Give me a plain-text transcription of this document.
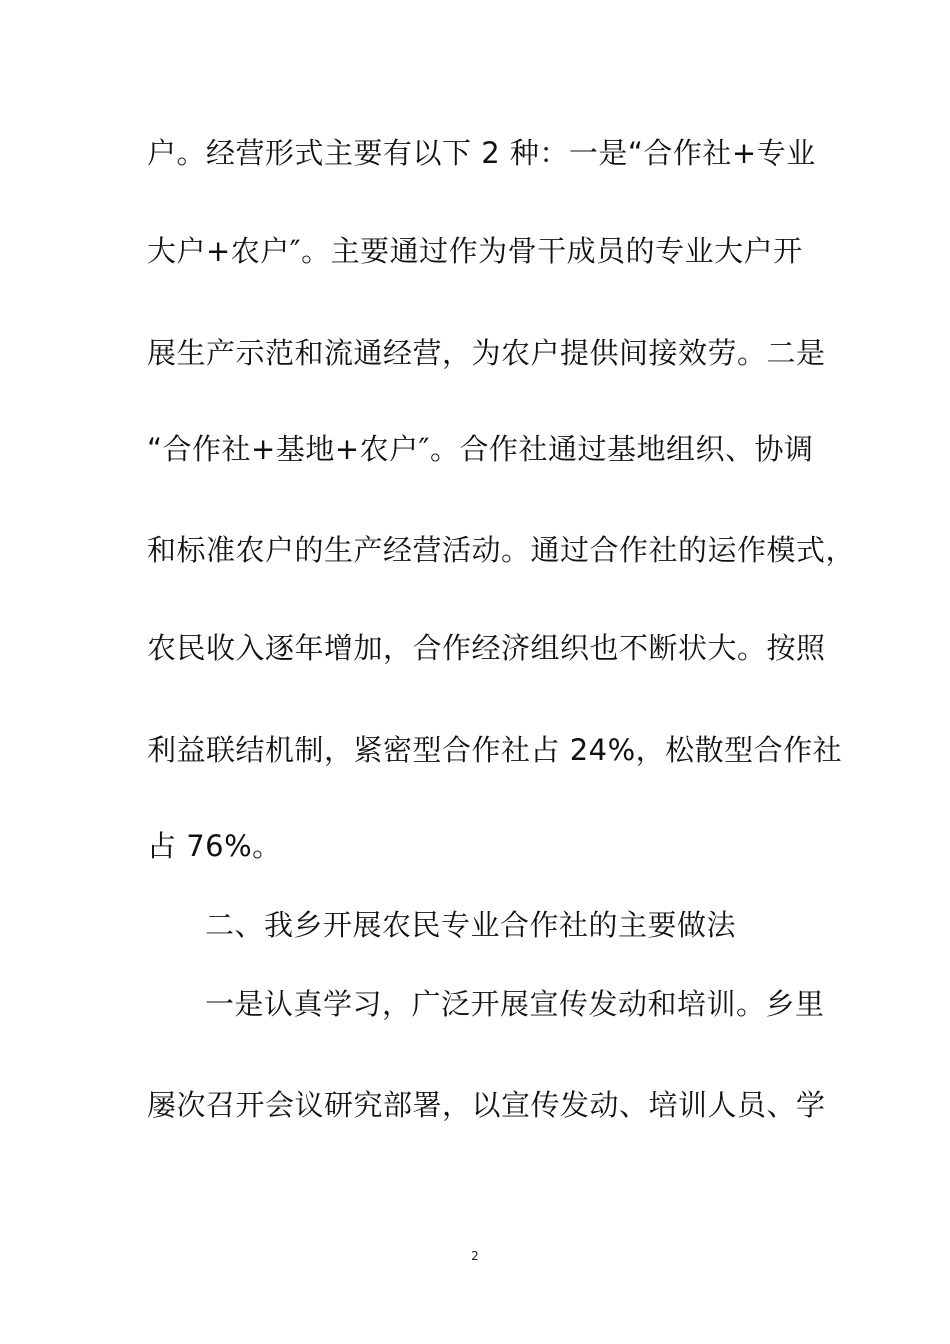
户。经营形式主要有以下 2 种：一是“合作社+专业
大户+农户″。主要通过作为骨干成员的专业大户开
展生产示范和流通经营，为农户提供间接效劳。二是
“合作社+基地+农户″。合作社通过基地组织、协调
和标准农户的生产经营活动。通过合作社的运作模式，
农民收入逐年增加，合作经济组织也不断状大。按照
利益联结机制，紧密型合作社占 24%，松散型合作社
占 76%。
二、我乡开展农民专业合作社的主要做法
一是认真学习，广泛开展宣传发动和培训。乡里
屡次召开会议研究部署，以宣传发动、培训人员、学
2
